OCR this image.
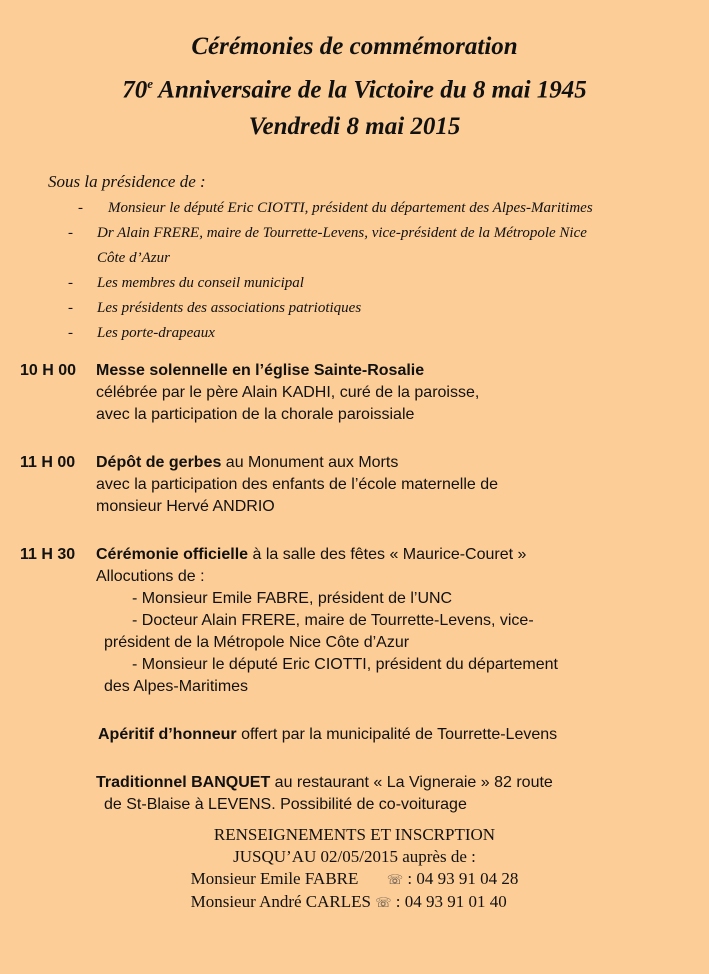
Cérémonies de commémoration
70e Anniversaire de la Victoire du 8 mai 1945
Vendredi 8 mai 2015
Sous la présidence de :
- Monsieur le député Eric CIOTTI, président du département des Alpes-Maritimes
- Dr Alain FRERE, maire de Tourrette-Levens, vice-président de la Métropole Nice
Côte d’Azur
- Les membres du conseil municipal
- Les présidents des associations patriotiques
- Les porte-drapeaux
10 H 00 Messe solennelle en l’église Sainte-Rosalie
célébrée par le père Alain KADHI, curé de la paroisse,
avec la participation de la chorale paroissiale
11 H 00 Dépôt de gerbes au Monument aux Morts
avec la participation des enfants de l’école maternelle de
monsieur Hervé ANDRIO
11 H 30 Cérémonie officielle à la salle des fêtes « Maurice-Couret »
Allocutions de :
- Monsieur Emile FABRE, président de l’UNC
- Docteur Alain FRERE, maire de Tourrette-Levens, vice-
président de la Métropole Nice Côte d’Azur
- Monsieur le député Eric CIOTTI, président du département
des Alpes-Maritimes
Apéritif d’honneur offert par la municipalité de Tourrette-Levens
Traditionnel BANQUET au restaurant « La Vigneraie » 82 route
de St-Blaise à LEVENS. Possibilité de co-voiturage
RENSEIGNEMENTS ET INSCRPTION
JUSQU’AU 02/05/2015 auprès de :
Monsieur Emile FABRE ☏ : 04 93 91 04 28
Monsieur André CARLES ☏ : 04 93 91 01 40
